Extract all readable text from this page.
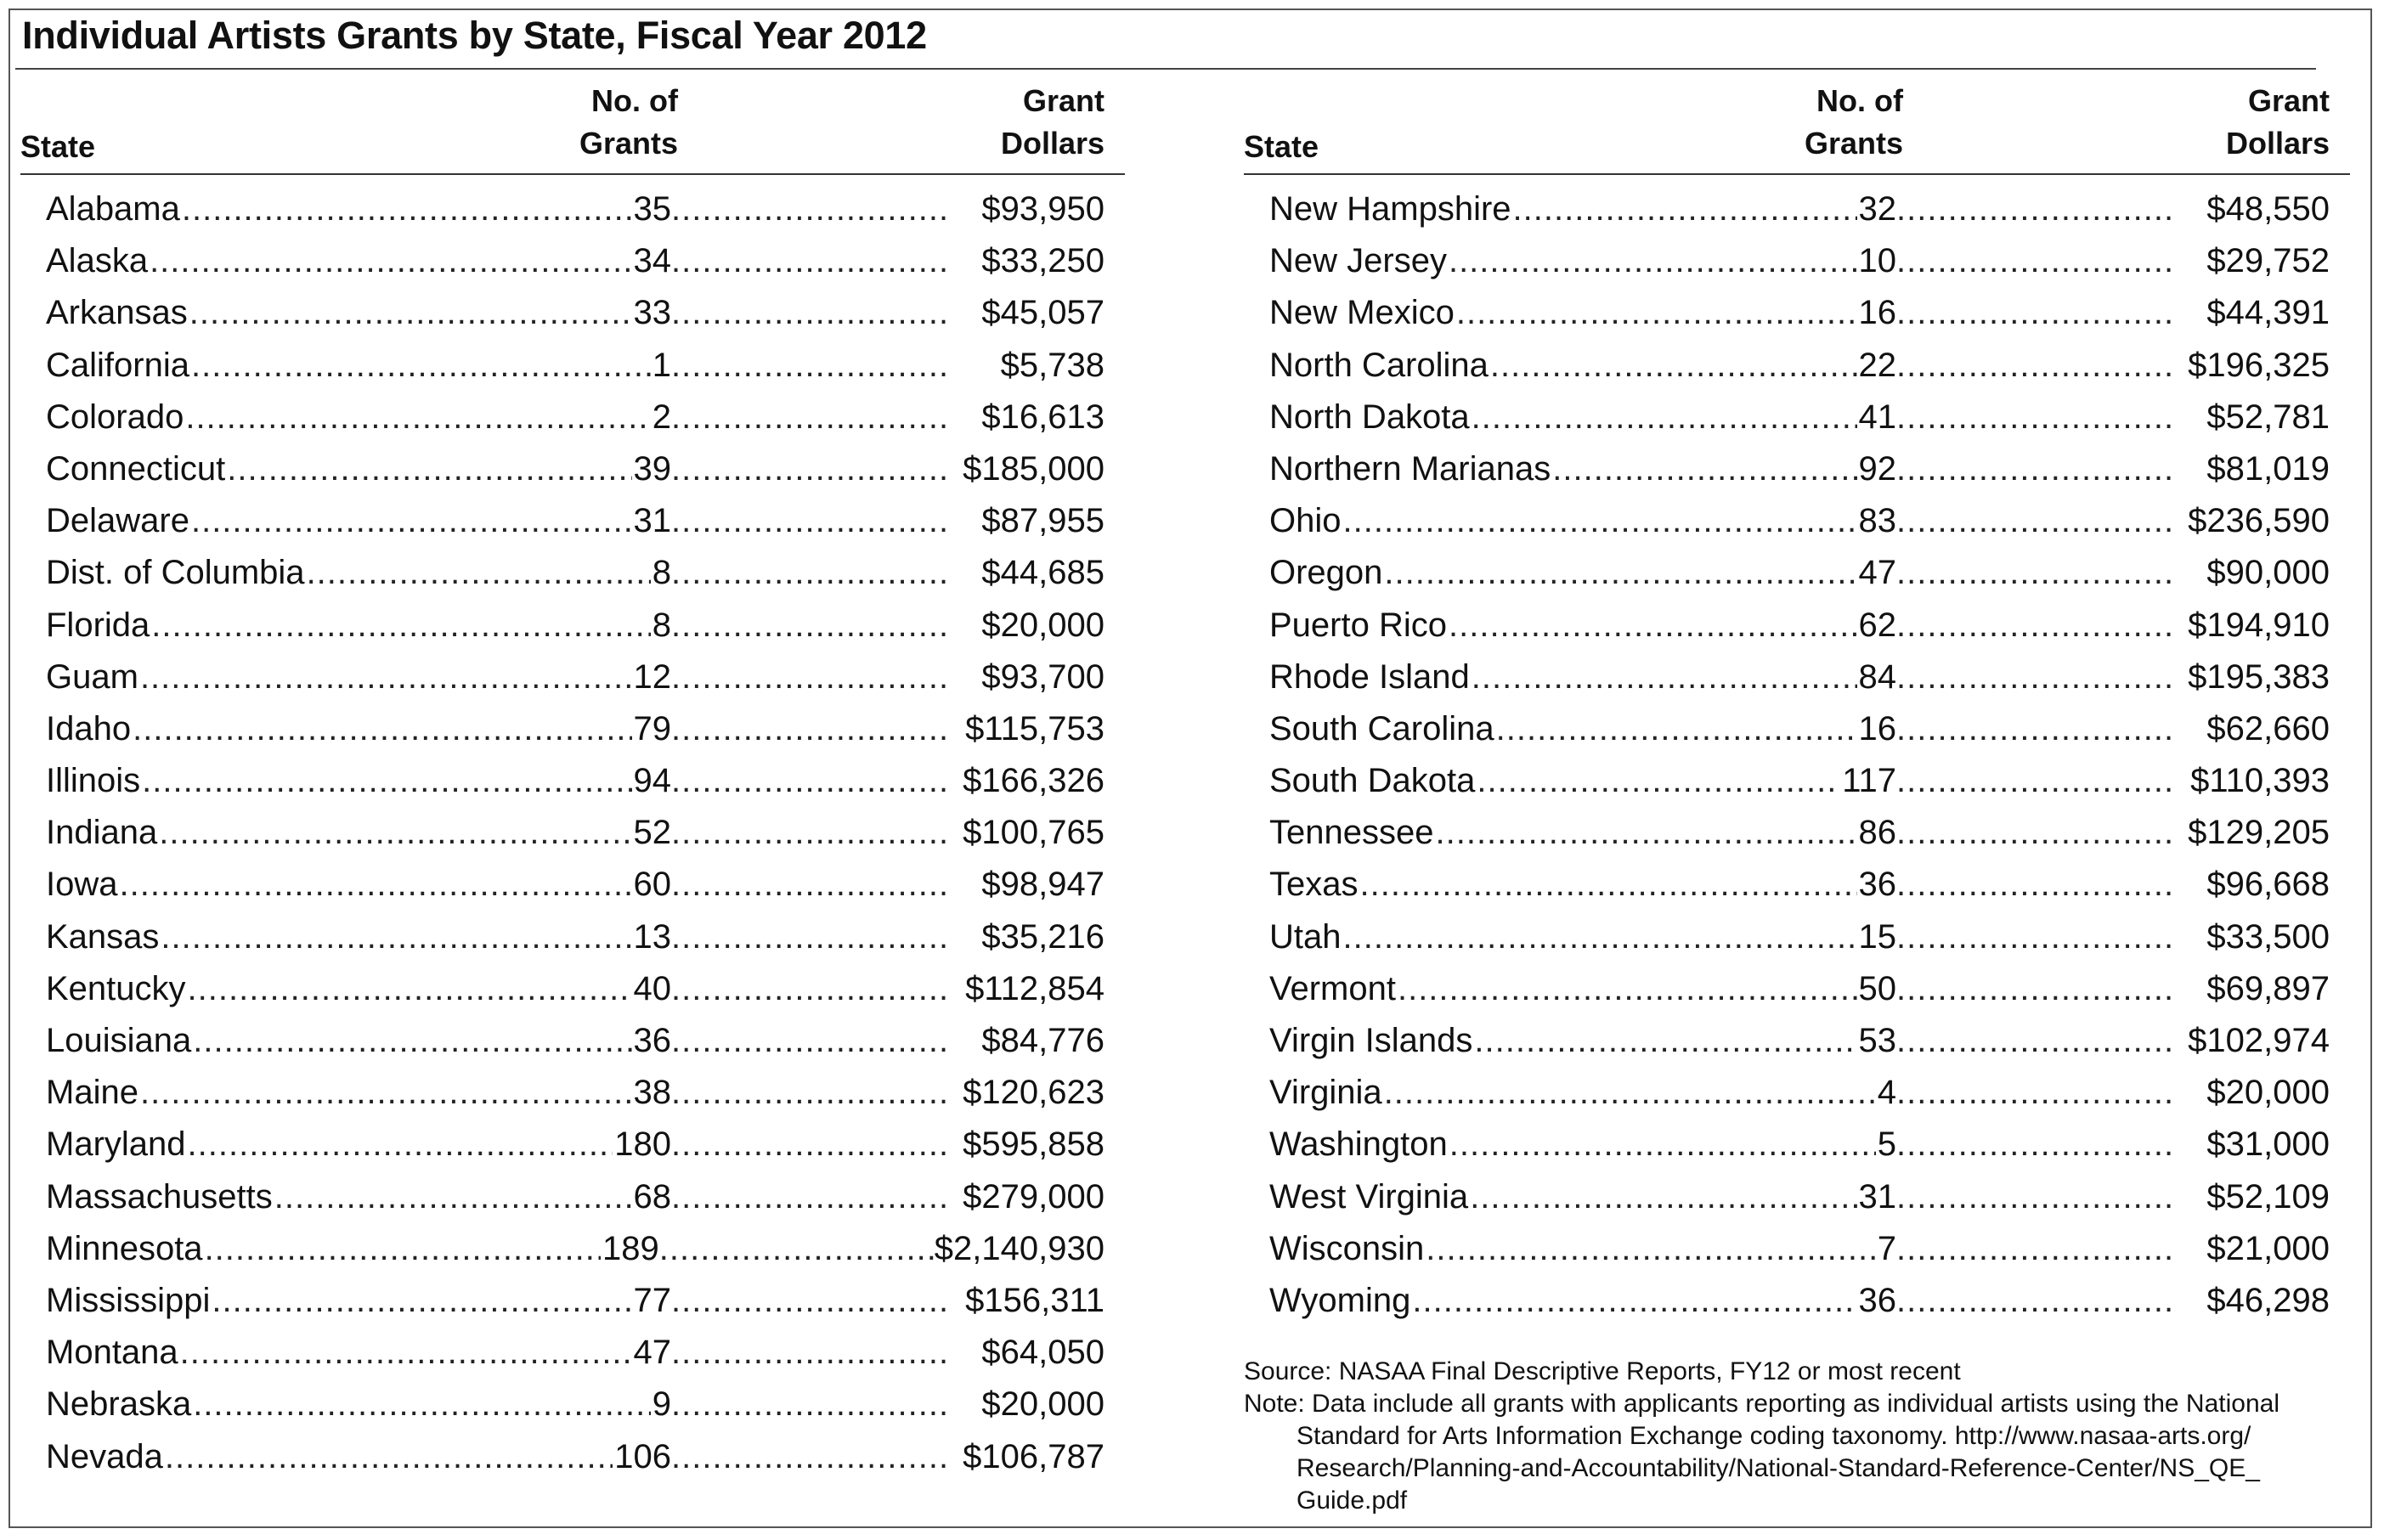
Individual Artists Grants by State, Fiscal Year 2012
State
No. of
Grants
Grant
Dollars
Alabama .....	35 .....	$93,950
Alaska .....	34 .....	$33,250
Arkansas .....	33 .....	$45,057
California .....	1 .....	$5,738
Colorado .....	2 .....	$16,613
Connecticut .....	39 .....	$185,000
Delaware .....	31 .....	$87,955
Dist. of Columbia .....	8 .....	$44,685
Florida .....	8 .....	$20,000
Guam .....	12 .....	$93,700
Idaho .....	79 .....	$115,753
Illinois .....	94 .....	$166,326
Indiana .....	52 .....	$100,765
Iowa .....	60 .....	$98,947
Kansas .....	13 .....	$35,216
Kentucky .....	40 .....	$112,854
Louisiana .....	36 .....	$84,776
Maine .....	38 .....	$120,623
Maryland .....	180 .....	$595,858
Massachusetts .....	68 .....	$279,000
Minnesota .....	189 .....	$2,140,930
Mississippi .....	77 .....	$156,311
Montana .....	47 .....	$64,050
Nebraska .....	9 .....	$20,000
Nevada .....	106 .....	$106,787
State
No. of
Grants
Grant
Dollars
New Hampshire .....	32 .....	$48,550
New Jersey .....	10 .....	$29,752
New Mexico .....	16 .....	$44,391
North Carolina .....	22 .....	$196,325
North Dakota .....	41 .....	$52,781
Northern Marianas .....	92 .....	$81,019
Ohio .....	83 .....	$236,590
Oregon .....	47 .....	$90,000
Puerto Rico .....	62 .....	$194,910
Rhode Island .....	84 .....	$195,383
South Carolina .....	16 .....	$62,660
South Dakota .....	117 .....	$110,393
Tennessee .....	86 .....	$129,205
Texas .....	36 .....	$96,668
Utah .....	15 .....	$33,500
Vermont .....	50 .....	$69,897
Virgin Islands .....	53 .....	$102,974
Virginia .....	4 .....	$20,000
Washington .....	5 .....	$31,000
West Virginia .....	31 .....	$52,109
Wisconsin .....	7 .....	$21,000
Wyoming .....	36 .....	$46,298
Source: NASAA Final Descriptive Reports, FY12 or most recent
Note: Data include all grants with applicants reporting as individual artists using the National
Standard for Arts Information Exchange coding taxonomy. http://www.nasaa-arts.org/
Research/Planning-and-Accountability/National-Standard-Reference-Center/NS_QE_
Guide.pdf
